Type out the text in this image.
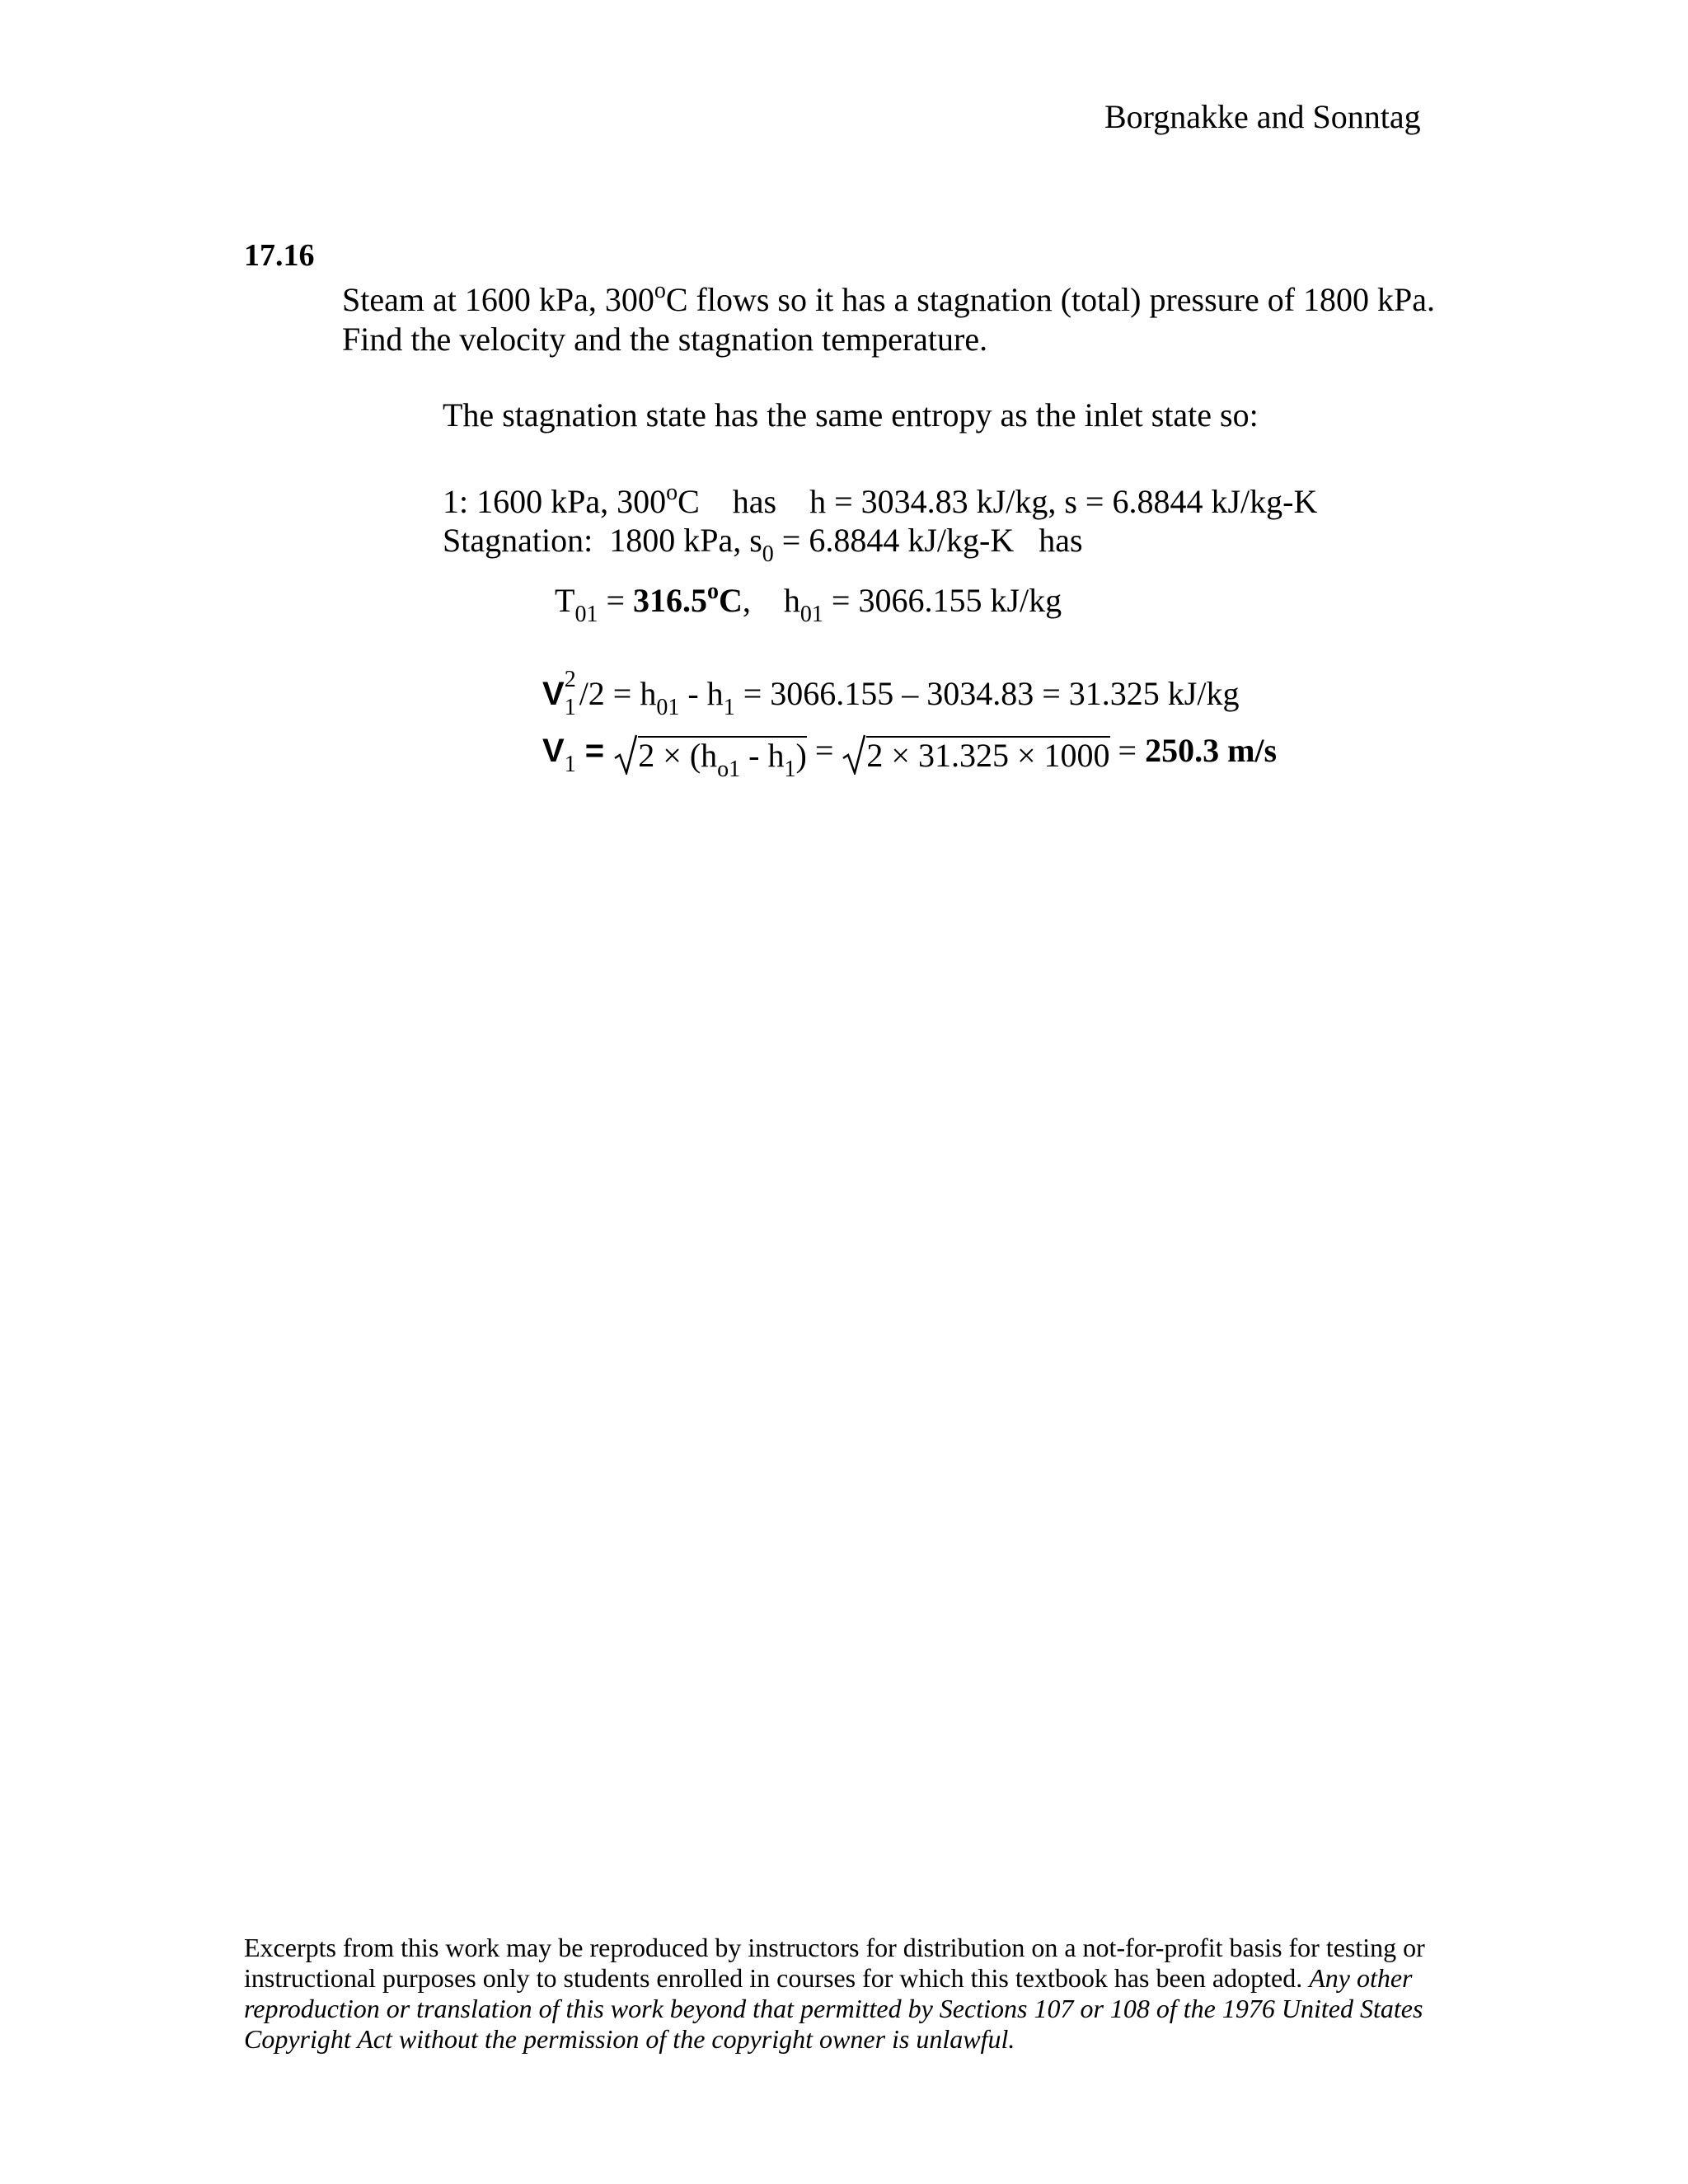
Borgnakke and Sonntag
17.16
Steam at 1600 kPa, 300$^o$C flows so it has a stagnation (total) pressure of 1800 kPa. Find the velocity and the stagnation temperature.
The stagnation state has the same entropy as the inlet state so:
1: 1600 kPa, 300$^o$C    has    h = 3034.83 kJ/kg, s = 6.8844 kJ/kg-K
Stagnation:  1800 kPa, $s_0 = 6.8844$ kJ/kg-K   has
$T_{01} = 316.5^oC$,    $h_{01} = 3066.155$ kJ/kg
V 2
1 $/2 = h_{01} - h_1 = 3066.155 - 3034.83 = 31.325$ kJ/kg
$V_1 = 2 \times (h_{o1} - h_1) = 2 \times 31.325 \times 1000 = 250.3$ m/s
Excerpts from this work may be reproduced by instructors for distribution on a not-for-profit basis for testing or instructional purposes only to students enrolled in courses for which this textbook has been adopted. Any other reproduction or translation of this work beyond that permitted by Sections 107 or 108 of the 1976 United States Copyright Act without the permission of the copyright owner is unlawful.
